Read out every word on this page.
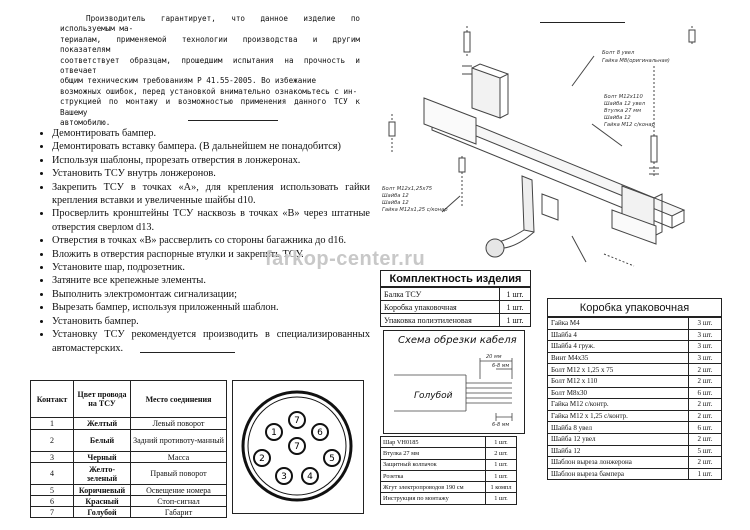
Производитель гарантирует, что данное изделие по используемым ма-
териалам, применяемой технологии производства и другим показателям
соответствует образцам, прошедшим испытания на прочность и отвечает
общим техническим требованиям Р 41.55-2005. Во избежание
возможных ошибок, перед установкой внимательно ознакомьтесь с ин-
струкцией по монтажу и возможностью применения данного ТСУ к Вашему
автомобилю.
• Демонтировать бампер.
• Демонтировать вставку бампера. (В дальнейшем не понадобится)
• Используя шаблоны, прорезать отверстия в лонжеронах.
• Установить ТСУ внутрь лонжеронов.
• Закрепить ТСУ в точках «А», для крепления использовать гайки крепления вставки и увеличенные шайбы d10.
• Просверлить кронштейны ТСУ насквозь в точках «В» через штатные отверстия сверлом d13.
• Отверстия в точках «В» рассверлить со стороны багажника до d16.
• Вложить в отверстия распорные втулки и закрепить ТСУ.
• Установите шар, подрозетник.
• Затяните все крепежные элементы.
• Выполнить электромонтаж сигнализации;
• Вырезать бампер, используя приложенный шаблон.
• Установить бампер.
• Установку ТСУ рекомендуется производить в специализированных автомастерских.
farkop-center.ru
Контакт	Цвет провода на ТСУ	Место соединения
1	Желтый	Левый поворот
2	Белый	Задний противоту-манный
3	Черный	Масса
4	Желто-зеленый	Правый поворот
5	Коричневый	Освещение номера
6	Красный	Стоп-сигнал
7	Голубой	Габарит
7
1	6
7
2	5
3 4
Болт 8 увел
Гайка M8(оригинальная)
Болт M12x110
Шайба 12 увел
Втулка 27 мм
Шайба 12
Гайка M12 с/конар
Болт M12x1,25х75
Шайба 12
Шайба 12
Гайка M12x1,25 с/конар
Комплектность изделия
Балка ТСУ	1 шт.
Коробка упаковочная	1 шт.
Упаковка полиэтиленовая	1 шт.
Схема обрезки кабеля
20 мм
6-8 мм
6-8 мм
Голубой
Шар VH0185	1 шт.
Втулка 27 мм	2 шт.
Защитный колпачок	1 шт.
Розетка	1 шт.
Жгут электропроводов 190 см	1 компл
Инструкция по монтажу	1 шт.
Коробка упаковочная
Гайка М4	3 шт.
Шайба 4	3 шт.
Шайба 4 груж.	3 шт.
Винт М4х35	3 шт.
Болт М12 х 1,25 х 75	2 шт.
Болт М12 х 110	2 шт.
Болт М8х30	6 шт.
Гайка М12 с/контр.	2 шт.
Гайка М12 х 1,25 с/контр.	2 шт.
Шайба 8 увел	6 шт.
Шайба 12 увел	2 шт.
Шайба 12	5 шт.
Шаблон выреза лонжерона	2 шт.
Шаблон выреза бампера	1 шт.
